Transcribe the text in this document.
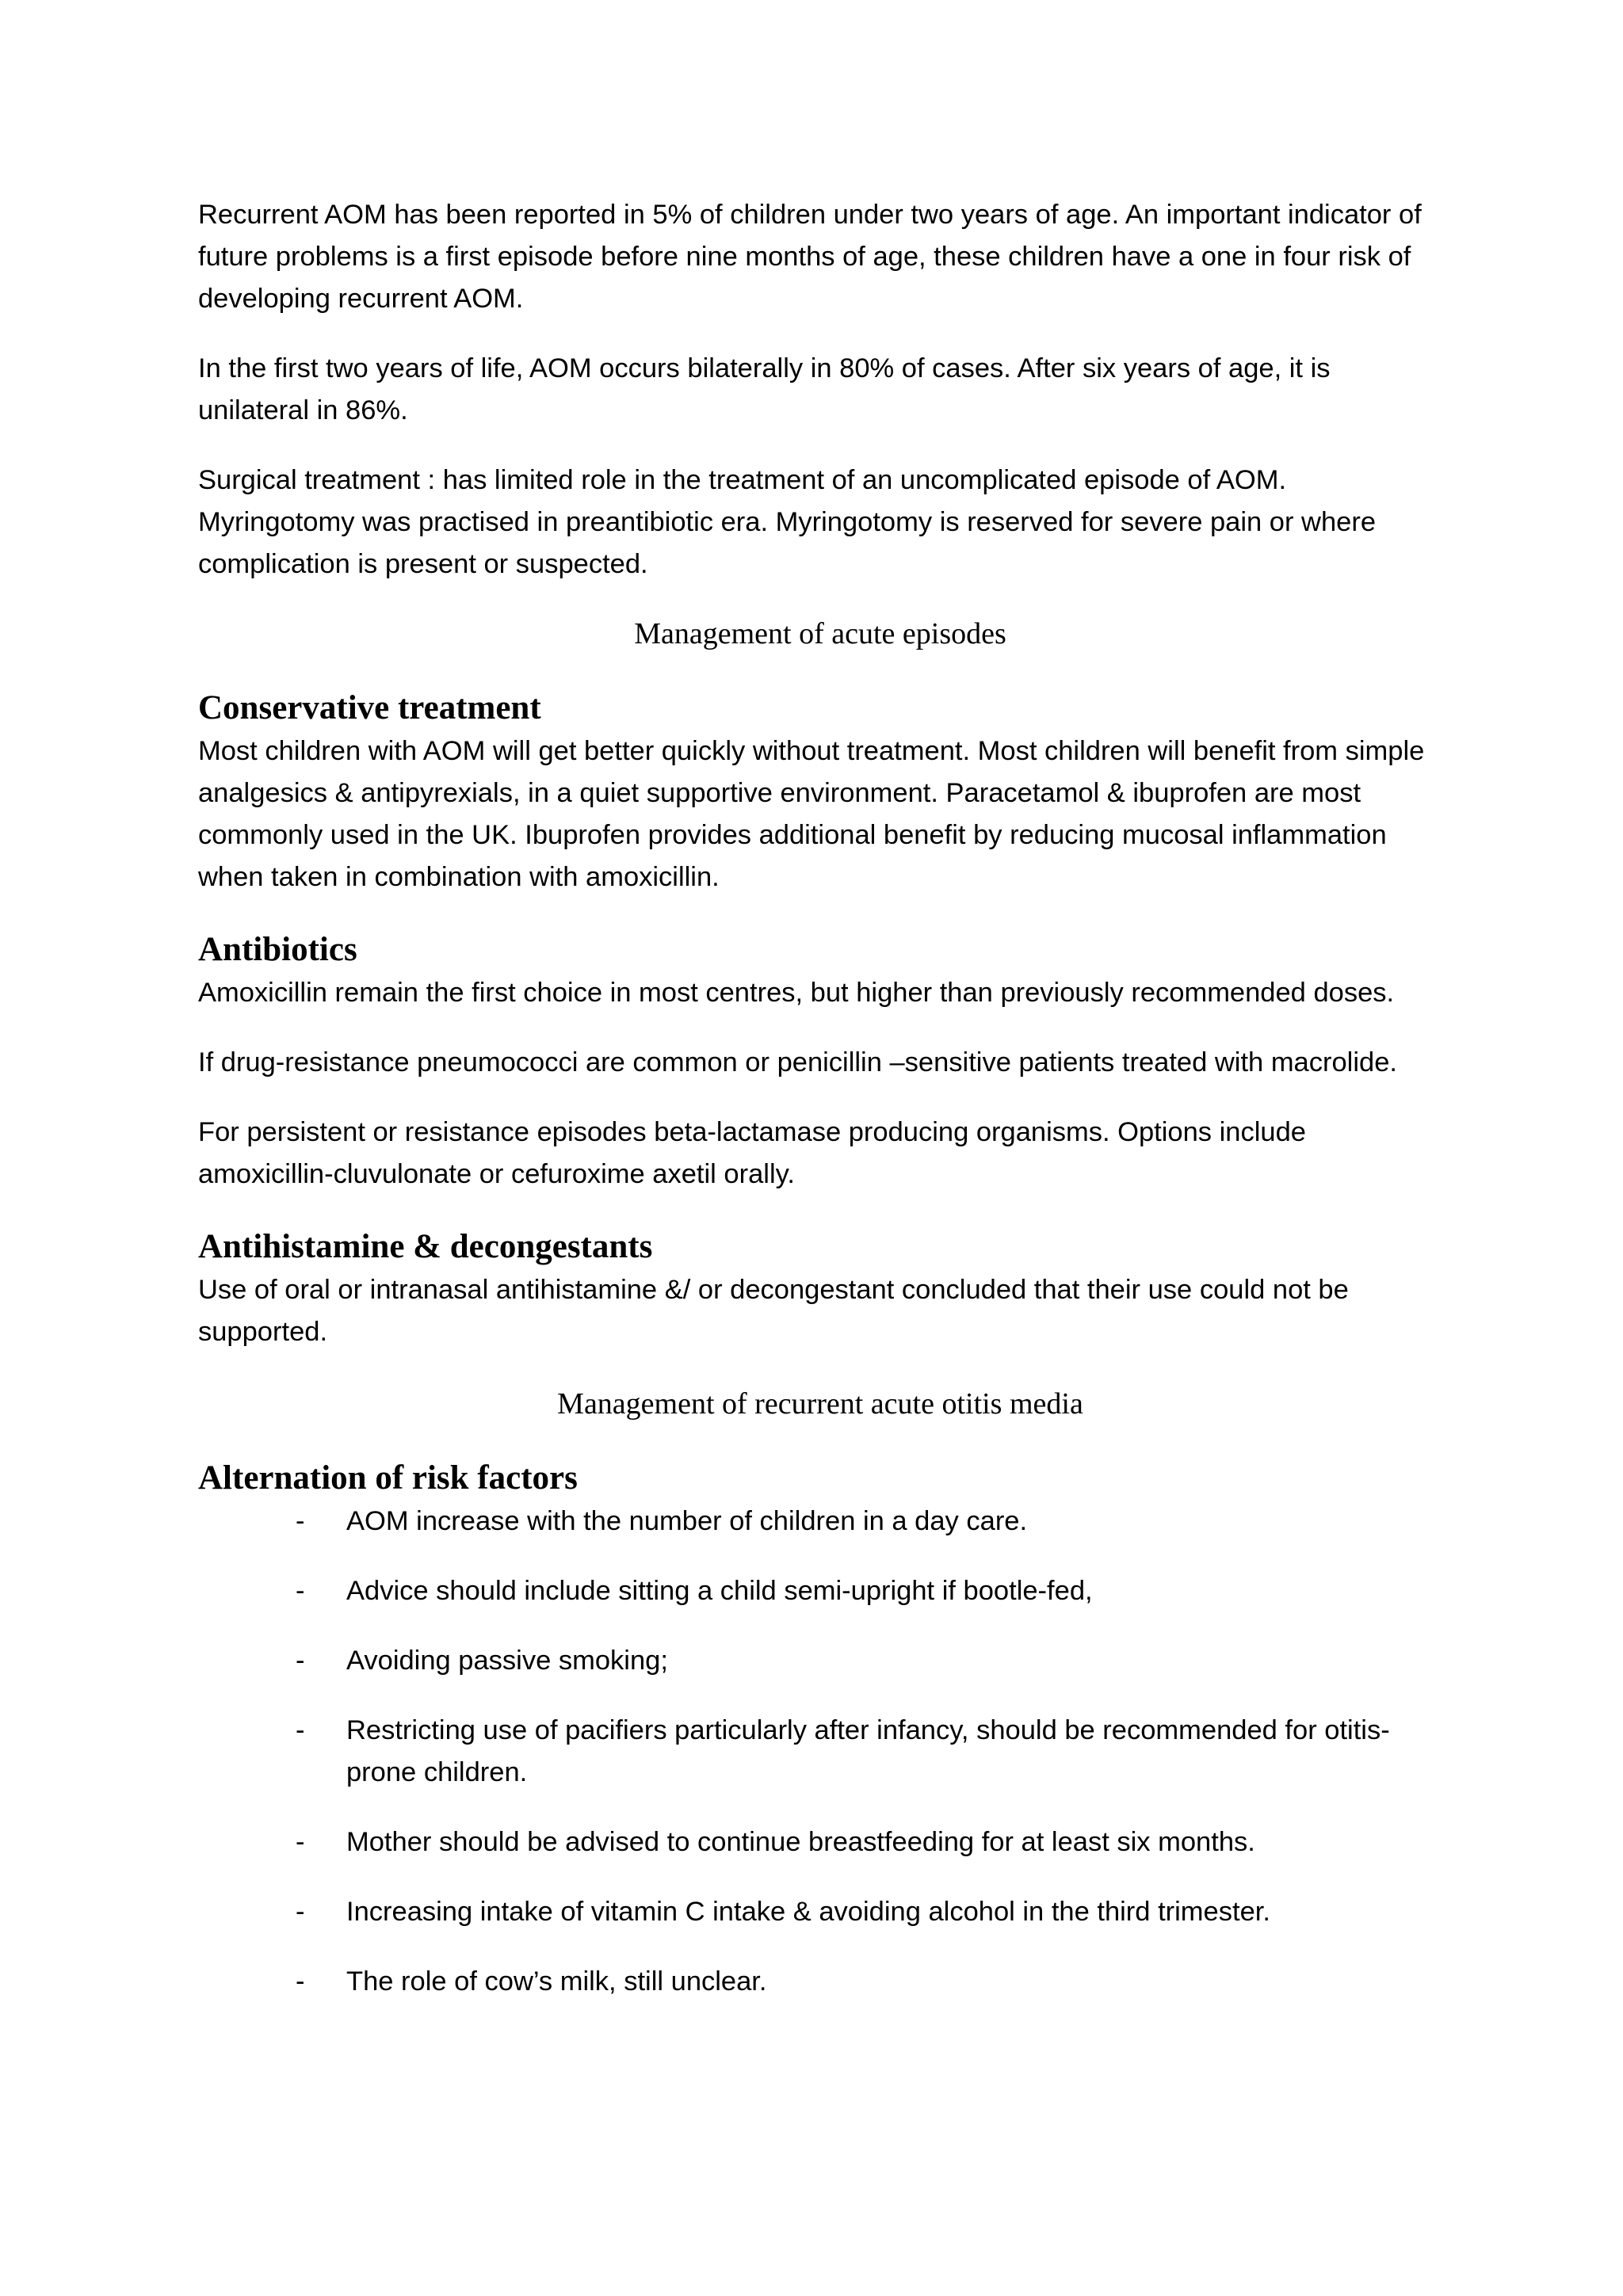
Recurrent AOM has been reported in 5% of children under two years of age. An important indicator of future problems is a first episode before nine months of age, these children have a one in four risk of developing recurrent AOM.

In the first two years of life, AOM occurs bilaterally in 80% of cases. After six years of age, it is unilateral in 86%.

Surgical treatment : has limited role in the treatment of an uncomplicated episode of AOM. Myringotomy was practised in preantibiotic era. Myringotomy is reserved for severe pain or where complication is present or suspected.

Management of acute episodes
Conservative treatment

Most children with AOM will get better quickly without treatment. Most children will benefit from simple analgesics & antipyrexials, in a quiet supportive environment. Paracetamol & ibuprofen are most commonly used in the UK. Ibuprofen provides additional benefit by reducing mucosal inflammation when taken in combination with amoxicillin.

Antibiotics

Amoxicillin remain the first choice in most centres, but higher than previously recommended doses.

If drug-resistance pneumococci are common or penicillin –sensitive patients treated with macrolide.

For persistent or resistance episodes beta-lactamase producing organisms. Options include amoxicillin-cluvulonate or cefuroxime axetil orally.

Antihistamine & decongestants

Use of oral or intranasal antihistamine &/ or decongestant concluded that their use could not be supported.

Management of recurrent acute otitis media
Alternation of risk factors
- AOM increase with the number of children in a day care.
- Advice should include sitting a child semi-upright if bootle-fed,
- Avoiding passive smoking;
- Restricting use of pacifiers particularly after infancy, should be recommended for otitis-prone children.
- Mother should be advised to continue breastfeeding for at least six months.
- Increasing intake of vitamin C intake & avoiding alcohol in the third trimester.
- The role of cow’s milk, still unclear.
